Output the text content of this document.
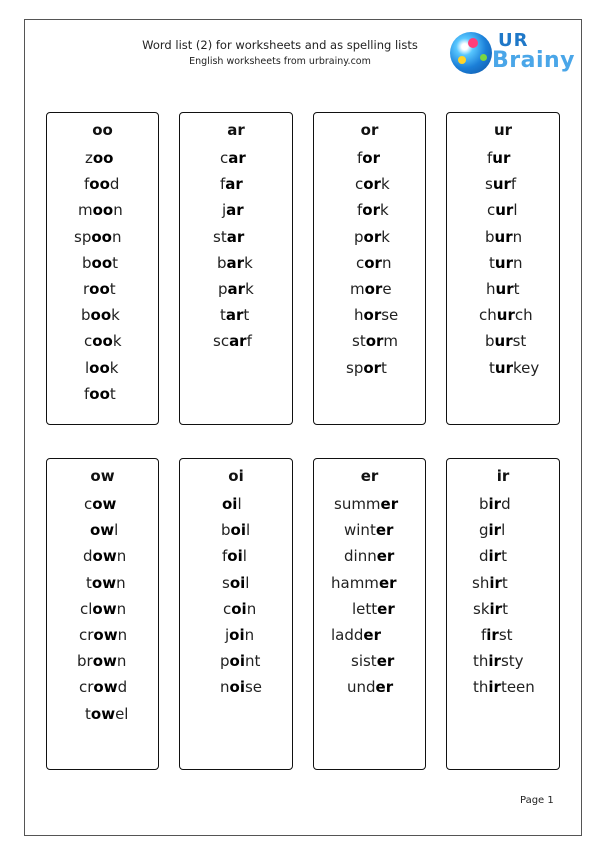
Word list (2) for worksheets and as spelling lists
English worksheets from urbrainy.com
UR
Brainy
oo
zoo
food
moon
spoon
boot
root
book
cook
look
foot
ar
car
far
jar
star
bark
park
tart
scarf
or
for
cork
fork
pork
corn
more
horse
storm
sport
ur
fur
surf
curl
burn
turn
hurt
church
burst
turkey
ow
cow
owl
down
town
clown
crown
brown
crowd
towel
oi
oil
boil
foil
soil
coin
join
point
noise
er
summer
winter
dinner
hammer
letter
ladder
sister
under
ir
bird
girl
dirt
shirt
skirt
first
thirsty
thirteen
Page 1
